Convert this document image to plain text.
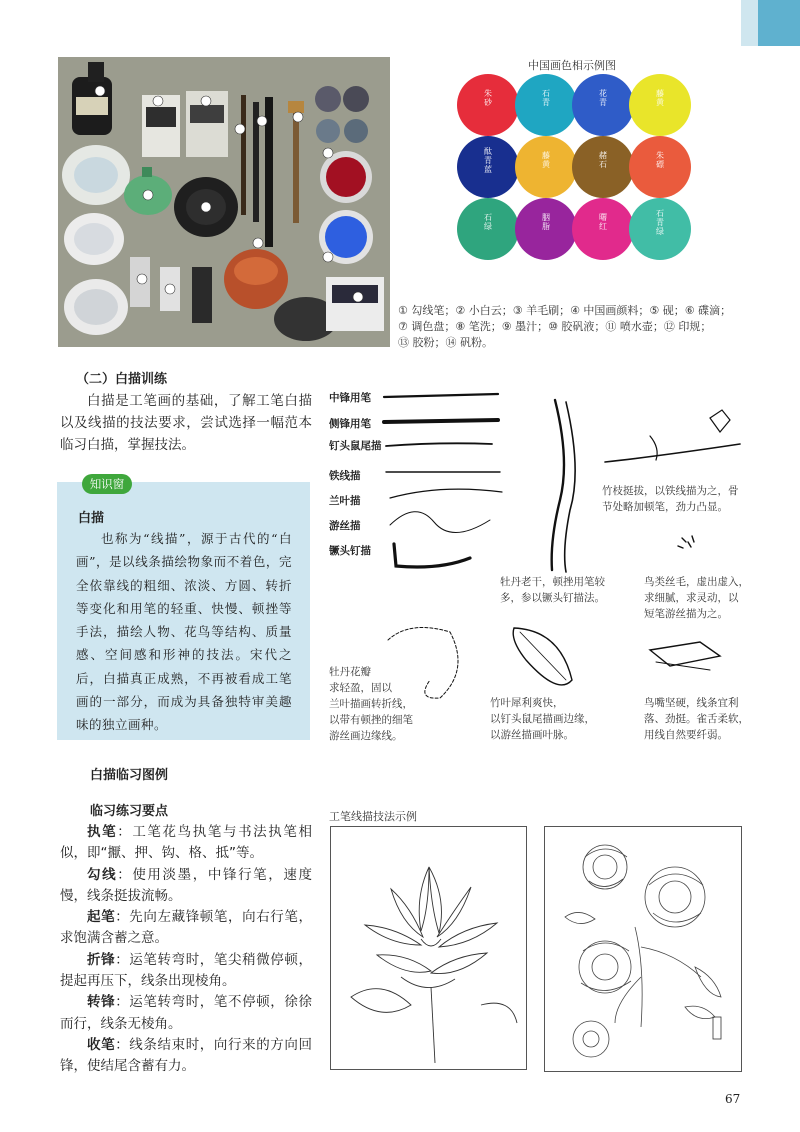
中国画色相示例图
朱砂	石青	花青	藤黄
酞青蓝	藤黄	赭石	朱磦
石绿	胭脂	曙红	石青绿
① 勾线笔；② 小白云；③ 羊毛刷；④ 中国画颜料；⑤ 砚；⑥ 碟滴；
⑦ 调色盘；⑧ 笔洗；⑨ 墨汁；⑩ 胶矾液；⑪ 喷水壶；⑫ 印规；
⑬ 胶粉；⑭ 矾粉。
（二）白描训练
白描是工笔画的基础，了解工笔白描以及线描的技法要求，尝试选择一幅范本临习白描，掌握技法。
知识窗
白描
也称为“线描”，源于古代的“白画”，是以线条描绘物象而不着色，完全依靠线的粗细、浓淡、方圆、转折等变化和用笔的轻重、快慢、顿挫等手法，描绘人物、花鸟等结构、质量感、空间感和形神的技法。宋代之后，白描真正成熟，不再被看成工笔画的一部分，而成为具备独特审美趣味的独立画种。
中锋用笔
侧锋用笔
钉头鼠尾描
铁线描
兰叶描
游丝描
镢头钉描
竹枝挺拔，以铁线描为之，骨
节处略加顿笔，劲力凸显。
牡丹老干，顿挫用笔较
多，参以镢头钉描法。
鸟类丝毛，虚出虚入，
求细腻，求灵动，以
短笔游丝描为之。
牡丹花瓣
求轻盈，固以
兰叶描画转折线，
以带有顿挫的细笔
游丝画边缘线。
竹叶犀利爽快，
以钉头鼠尾描画边缘，
以游丝描画叶脉。
鸟嘴坚硬，线条宜利
落、劲挺。雀舌柔软，
用线自然要纤弱。
白描临习图例
临习练习要点

执笔：工笔花鸟执笔与书法执笔相似，即“擫、押、钩、格、抵”等。

勾线：使用淡墨，中锋行笔，速度慢，线条挺拔流畅。

起笔：先向左藏锋顿笔，向右行笔，求饱满含蓄之意。

折锋：运笔转弯时，笔尖稍微停顿，提起再压下，线条出现棱角。

转锋：运笔转弯时，笔不停顿，徐徐而行，线条无棱角。

收笔：线条结束时，向行来的方向回锋，使结尾含蓄有力。

工笔线描技法示例
67
